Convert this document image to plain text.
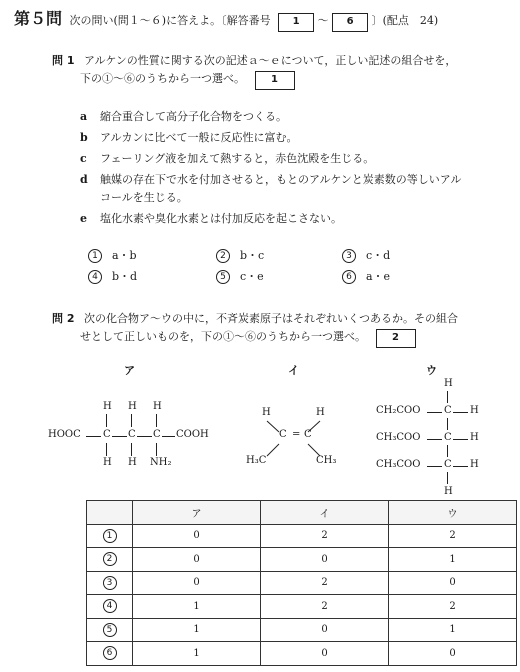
第５問 次の問い(問１～６)に答えよ。〔解答番号 1 ～ 6 〕(配点　24)
問 1 アルケンの性質に関する次の記述ａ～ｅについて，正しい記述の組合せを，
下の①～⑥のうちから一つ選べ。	1
a 縮合重合して高分子化合物をつくる。
b アルカンに比べて一般に反応性に富む。
c フェーリング液を加えて熱すると，赤色沈殿を生じる。
d 触媒の存在下で水を付加させると，もとのアルケンと炭素数の等しいアル
コールを生じる。
e 塩化水素や臭化水素とは付加反応を起こさない。
1 a・b	2 b・c	3 c・d
4 b・d	5 c・e	6 a・e
問 2 次の化合物ア～ウの中に，不斉炭素原子はそれぞれいくつあるか。その組合
せとして正しいものを，下の①～⑥のうちから一つ選べ。	2
ア	イ	ウ
H H H
HOOC C C C COOH
H H NH₂
H	H
C = C
H₃C	CH₃
H
CH₂COO C H
CH₃COO C H
CH₃COO C H
H
	ア	イ	ウ
1	0	2	2
2	0	0	1
3	0	2	0
4	1	2	2
5	1	0	1
6	1	0	0
